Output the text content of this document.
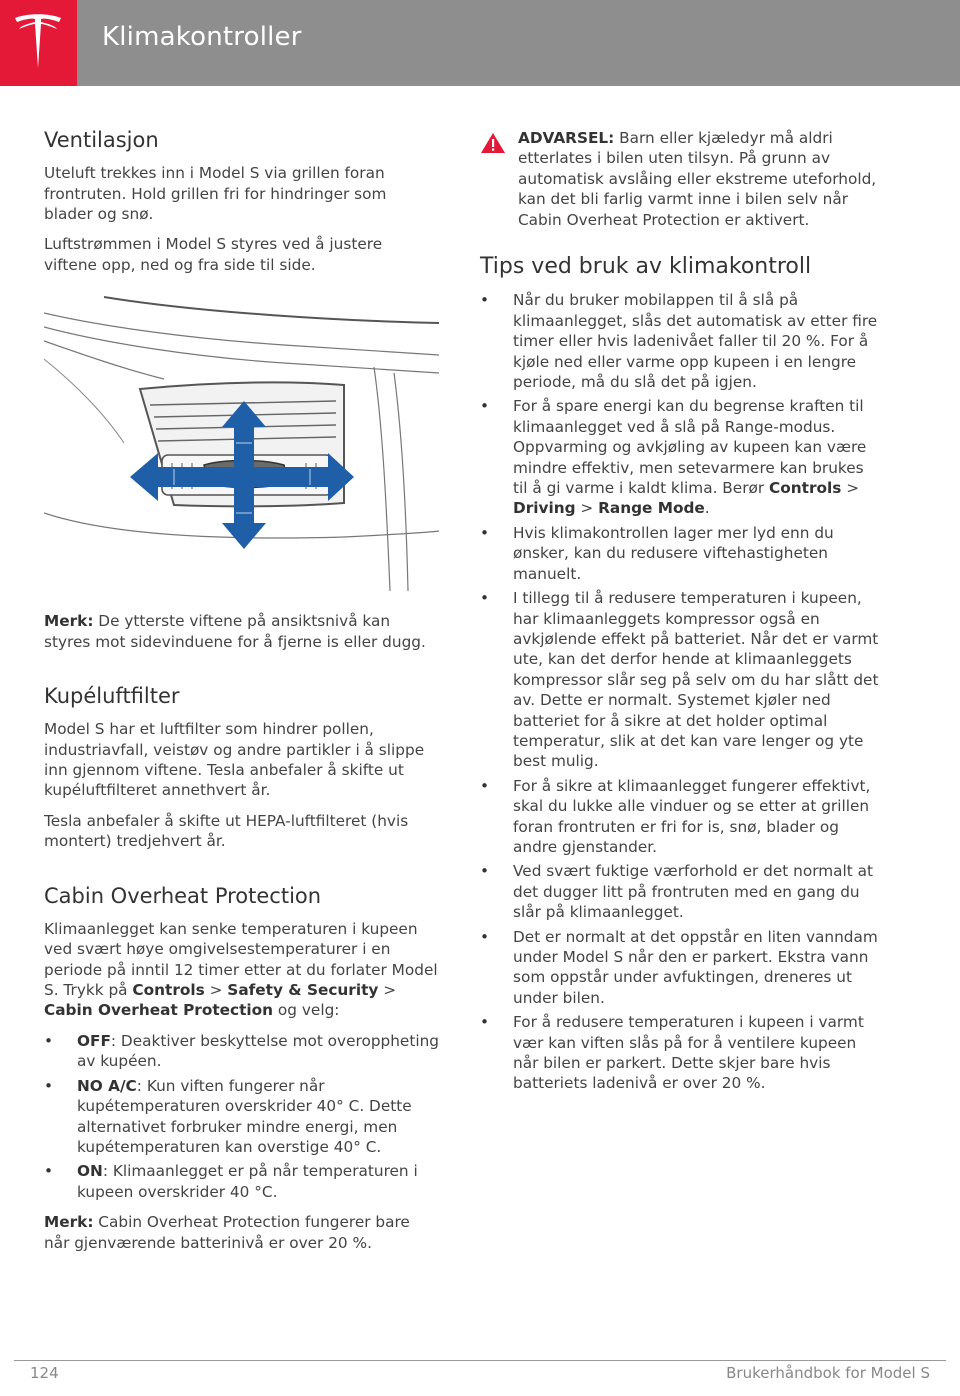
Klimakontroller
Ventilasjon

Uteluft trekkes inn i Model S via grillen foran frontruten. Hold grillen fri for hindringer som blader og snø.

Luftstrømmen i Model S styres ved å justere viftene opp, ned og fra side til side.

Merk: De ytterste viftene på ansiktsnivå kan styres mot sidevinduene for å fjerne is eller dugg.

Kupéluftfilter

Model S har et luftfilter som hindrer pollen, industriavfall, veistøv og andre partikler i å slippe inn gjennom viftene. Tesla anbefaler å skifte ut kupéluftfilteret annethvert år.

Tesla anbefaler å skifte ut HEPA-luftfilteret (hvis montert) tredjehvert år.

Cabin Overheat Protection

Klimaanlegget kan senke temperaturen i kupeen ved svært høye omgivelsestemperaturer i en periode på inntil 12 timer etter at du forlater Model S. Trykk på Controls > Safety & Security > Cabin Overheat Protection og velg:

• OFF: Deaktiver beskyttelse mot overoppheting av kupéen.
• NO A/C: Kun viften fungerer når kupétemperaturen overskrider 40° C. Dette alternativet forbruker mindre energi, men kupétemperaturen kan overstige 40° C.
• ON: Klimaanlegget er på når temperaturen i kupeen overskrider 40 °C.

Merk: Cabin Overheat Protection fungerer bare når gjenværende batterinivå er over 20 %.

ADVARSEL: Barn eller kjæledyr må aldri etterlates i bilen uten tilsyn. På grunn av automatisk avslåing eller ekstreme uteforhold, kan det bli farlig varmt inne i bilen selv når Cabin Overheat Protection er aktivert.

Tips ved bruk av klimakontroll
• Når du bruker mobilappen til å slå på klimaanlegget, slås det automatisk av etter fire timer eller hvis ladenivået faller til 20 %. For å kjøle ned eller varme opp kupeen i en lengre periode, må du slå det på igjen.
• For å spare energi kan du begrense kraften til klimaanlegget ved å slå på Range-modus. Oppvarming og avkjøling av kupeen kan være mindre effektiv, men setevarmere kan brukes til å gi varme i kaldt klima. Berør Controls > Driving > Range Mode.
• Hvis klimakontrollen lager mer lyd enn du ønsker, kan du redusere viftehastigheten manuelt.
• I tillegg til å redusere temperaturen i kupeen, har klimaanleggets kompressor også en avkjølende effekt på batteriet. Når det er varmt ute, kan det derfor hende at klimaanleggets kompressor slår seg på selv om du har slått det av. Dette er normalt. Systemet kjøler ned batteriet for å sikre at det holder optimal temperatur, slik at det kan vare lenger og yte best mulig.
• For å sikre at klimaanlegget fungerer effektivt, skal du lukke alle vinduer og se etter at grillen foran frontruten er fri for is, snø, blader og andre gjenstander.
• Ved svært fuktige værforhold er det normalt at det dugger litt på frontruten med en gang du slår på klimaanlegget.
• Det er normalt at det oppstår en liten vanndam under Model S når den er parkert. Ekstra vann som oppstår under avfuktingen, dreneres ut under bilen.
• For å redusere temperaturen i kupeen i varmt vær kan viften slås på for å ventilere kupeen når bilen er parkert. Dette skjer bare hvis batteriets ladenivå er over 20 %.
124	Brukerhåndbok for Model S
